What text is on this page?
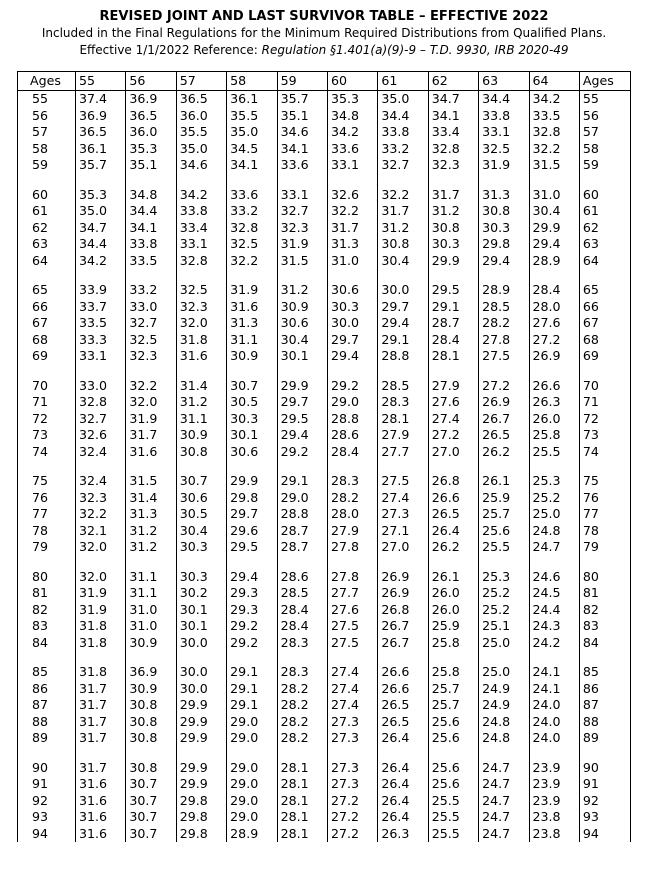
REVISED JOINT AND LAST SURVIVOR TABLE – EFFECTIVE 2022
Included in the Final Regulations for the Minimum Required Distributions from Qualified Plans.
Effective 1/1/2022 Reference: Regulation §1.401(a)(9)-9 – T.D. 9930, IRB 2020-49
Ages	55	56	57	58	59	60	61	62	63	64	Ages
55	37.4	36.9	36.5	36.1	35.7	35.3	35.0	34.7	34.4	34.2	55
56	36.9	36.5	36.0	35.5	35.1	34.8	34.4	34.1	33.8	33.5	56
57	36.5	36.0	35.5	35.0	34.6	34.2	33.8	33.4	33.1	32.8	57
58	36.1	35.3	35.0	34.5	34.1	33.6	33.2	32.8	32.5	32.2	58
59	35.7	35.1	34.6	34.1	33.6	33.1	32.7	32.3	31.9	31.5	59

60	35.3	34.8	34.2	33.6	33.1	32.6	32.2	31.7	31.3	31.0	60
61	35.0	34.4	33.8	33.2	32.7	32.2	31.7	31.2	30.8	30.4	61
62	34.7	34.1	33.4	32.8	32.3	31.7	31.2	30.8	30.3	29.9	62
63	34.4	33.8	33.1	32.5	31.9	31.3	30.8	30.3	29.8	29.4	63
64	34.2	33.5	32.8	32.2	31.5	31.0	30.4	29.9	29.4	28.9	64

65	33.9	33.2	32.5	31.9	31.2	30.6	30.0	29.5	28.9	28.4	65
66	33.7	33.0	32.3	31.6	30.9	30.3	29.7	29.1	28.5	28.0	66
67	33.5	32.7	32.0	31.3	30.6	30.0	29.4	28.7	28.2	27.6	67
68	33.3	32.5	31.8	31.1	30.4	29.7	29.1	28.4	27.8	27.2	68
69	33.1	32.3	31.6	30.9	30.1	29.4	28.8	28.1	27.5	26.9	69

70	33.0	32.2	31.4	30.7	29.9	29.2	28.5	27.9	27.2	26.6	70
71	32.8	32.0	31.2	30.5	29.7	29.0	28.3	27.6	26.9	26.3	71
72	32.7	31.9	31.1	30.3	29.5	28.8	28.1	27.4	26.7	26.0	72
73	32.6	31.7	30.9	30.1	29.4	28.6	27.9	27.2	26.5	25.8	73
74	32.4	31.6	30.8	30.6	29.2	28.4	27.7	27.0	26.2	25.5	74

75	32.4	31.5	30.7	29.9	29.1	28.3	27.5	26.8	26.1	25.3	75
76	32.3	31.4	30.6	29.8	29.0	28.2	27.4	26.6	25.9	25.2	76
77	32.2	31.3	30.5	29.7	28.8	28.0	27.3	26.5	25.7	25.0	77
78	32.1	31.2	30.4	29.6	28.7	27.9	27.1	26.4	25.6	24.8	78
79	32.0	31.2	30.3	29.5	28.7	27.8	27.0	26.2	25.5	24.7	79

80	32.0	31.1	30.3	29.4	28.6	27.8	26.9	26.1	25.3	24.6	80
81	31.9	31.1	30.2	29.3	28.5	27.7	26.9	26.0	25.2	24.5	81
82	31.9	31.0	30.1	29.3	28.4	27.6	26.8	26.0	25.2	24.4	82
83	31.8	31.0	30.1	29.2	28.4	27.5	26.7	25.9	25.1	24.3	83
84	31.8	30.9	30.0	29.2	28.3	27.5	26.7	25.8	25.0	24.2	84

85	31.8	36.9	30.0	29.1	28.3	27.4	26.6	25.8	25.0	24.1	85
86	31.7	30.9	30.0	29.1	28.2	27.4	26.6	25.7	24.9	24.1	86
87	31.7	30.8	29.9	29.1	28.2	27.4	26.5	25.7	24.9	24.0	87
88	31.7	30.8	29.9	29.0	28.2	27.3	26.5	25.6	24.8	24.0	88
89	31.7	30.8	29.9	29.0	28.2	27.3	26.4	25.6	24.8	24.0	89

90	31.7	30.8	29.9	29.0	28.1	27.3	26.4	25.6	24.7	23.9	90
91	31.6	30.7	29.9	29.0	28.1	27.3	26.4	25.6	24.7	23.9	91
92	31.6	30.7	29.8	29.0	28.1	27.2	26.4	25.5	24.7	23.9	92
93	31.6	30.7	29.8	29.0	28.1	27.2	26.4	25.5	24.7	23.8	93
94	31.6	30.7	29.8	28.9	28.1	27.2	26.3	25.5	24.7	23.8	94
